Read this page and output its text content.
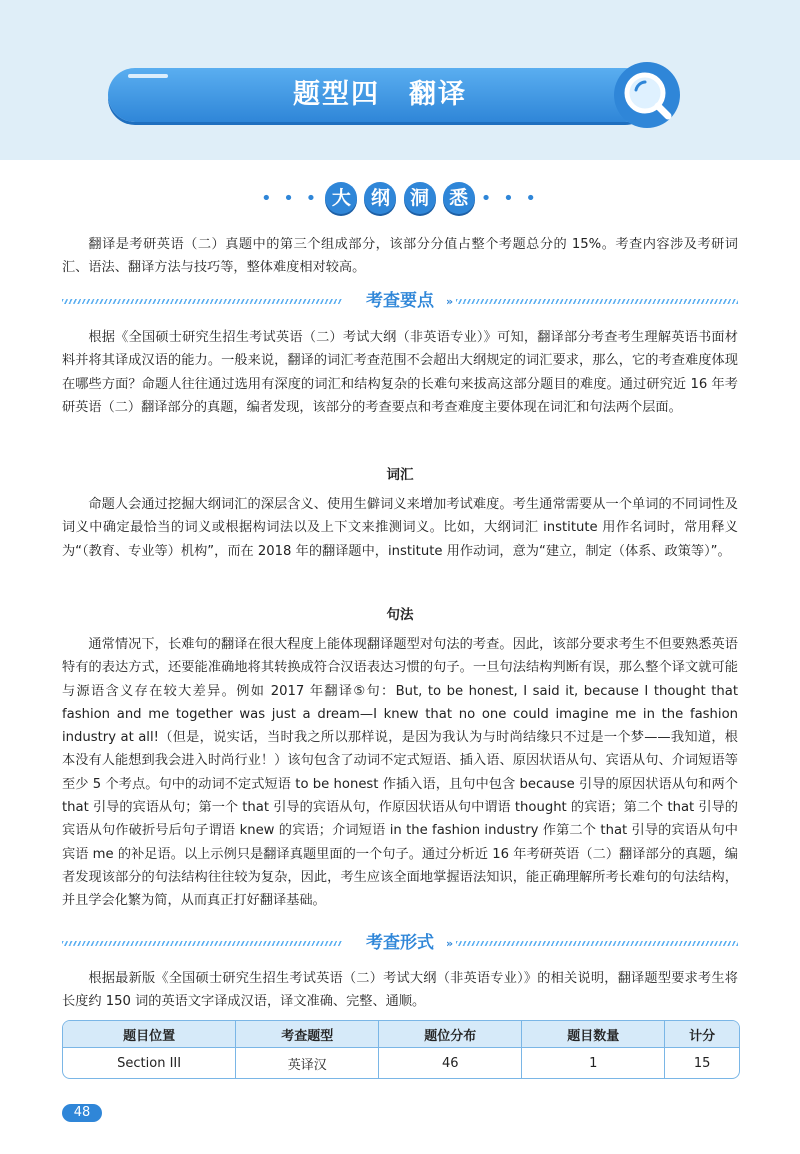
题型四　翻译
• • • 大 纲 洞 悉 • • •

翻译是考研英语（二）真题中的第三个组成部分，该部分分值占整个考题总分的 15%。考查内容涉及考研词汇、语法、翻译方法与技巧等，整体难度相对较高。

考查要点	»

根据《全国硕士研究生招生考试英语（二）考试大纲（非英语专业）》可知，翻译部分考查考生理解英语书面材料并将其译成汉语的能力。一般来说，翻译的词汇考查范围不会超出大纲规定的词汇要求，那么，它的考查难度体现在哪些方面？命题人往往通过选用有深度的词汇和结构复杂的长难句来拔高这部分题目的难度。通过研究近 16 年考研英语（二）翻译部分的真题，编者发现，该部分的考查要点和考查难度主要体现在词汇和句法两个层面。

词汇

命题人会通过挖掘大纲词汇的深层含义、使用生僻词义来增加考试难度。考生通常需要从一个单词的不同词性及词义中确定最恰当的词义或根据构词法以及上下文来推测词义。比如，大纲词汇 institute 用作名词时，常用释义为“（教育、专业等）机构”，而在 2018 年的翻译题中，institute 用作动词，意为“建立，制定（体系、政策等）”。

句法

通常情况下，长难句的翻译在很大程度上能体现翻译题型对句法的考查。因此，该部分要求考生不但要熟悉英语特有的表达方式，还要能准确地将其转换成符合汉语表达习惯的句子。一旦句法结构判断有误，那么整个译文就可能与源语含义存在较大差异。例如 2017 年翻译⑤句：But, to be honest, I said it, because I thought that fashion and me together was just a dream—I knew that no one could imagine me in the fashion industry at all!（但是，说实话，当时我之所以那样说，是因为我认为与时尚结缘只不过是一个梦——我知道，根本没有人能想到我会进入时尚行业！）该句包含了动词不定式短语、插入语、原因状语从句、宾语从句、介词短语等至少 5 个考点。句中的动词不定式短语 to be honest 作插入语，且句中包含 because 引导的原因状语从句和两个 that 引导的宾语从句；第一个 that 引导的宾语从句，作原因状语从句中谓语 thought 的宾语；第二个 that 引导的宾语从句作破折号后句子谓语 knew 的宾语；介词短语 in the fashion industry 作第二个 that 引导的宾语从句中宾语 me 的补足语。以上示例只是翻译真题里面的一个句子。通过分析近 16 年考研英语（二）翻译部分的真题，编者发现该部分的句法结构往往较为复杂，因此，考生应该全面地掌握语法知识，能正确理解所考长难句的句法结构，并且学会化繁为简，从而真正打好翻译基础。

考查形式	»

根据最新版《全国硕士研究生招生考试英语（二）考试大纲（非英语专业）》的相关说明，翻译题型要求考生将长度约 150 词的英语文字译成汉语，译文准确、完整、通顺。

题目位置	考查题型	题位分布	题目数量	计分
Section III	英译汉	46	1	15
48
